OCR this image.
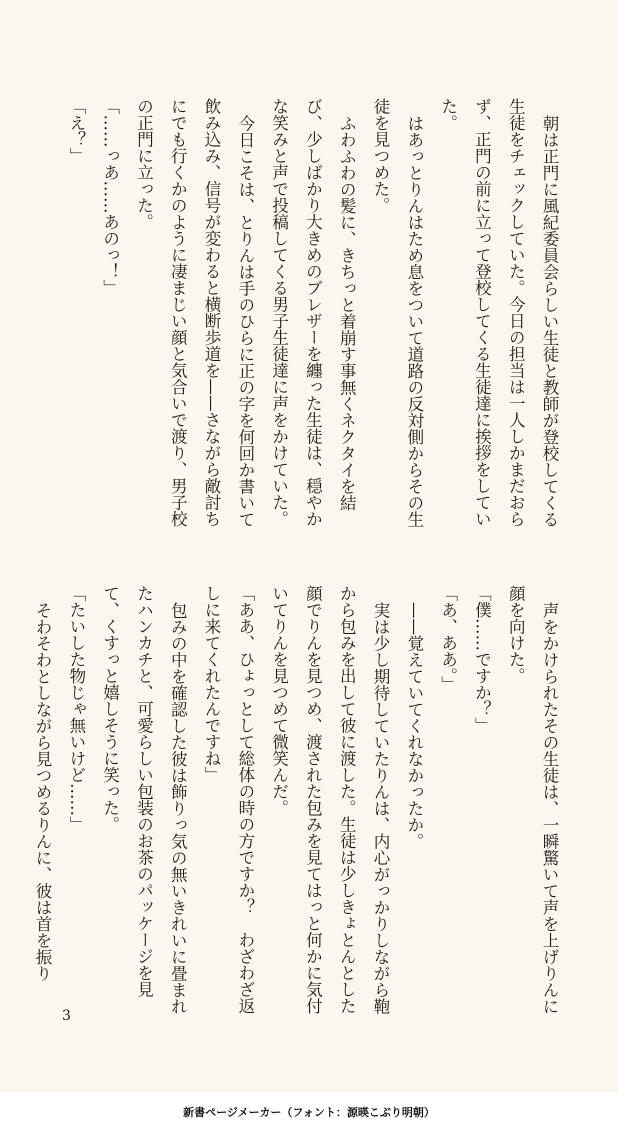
朝は正門に風紀委員会らしい生徒と教師が登校してくる生徒をチェックしていた。今日の担当は一人しかまだおらず、正門の前に立って登校してくる生徒達に挨拶をしていた。

はあっとりんはため息をついて道路の反対側からその生徒を見つめた。

ふわふわの髪に、きちっと着崩す事無くネクタイを結び、少しばかり大きめのブレザーを纏った生徒は、穏やかな笑みと声で投稿してくる男子生徒達に声をかけていた。

今日こそは、とりんは手のひらに正の字を何回か書いて飲み込み、信号が変わると横断歩道を——さながら敵討ちにでも行くかのように凄まじい顔と気合いで渡り、男子校の正門に立った。

「……っあ……あのっ！」

「え？」

声をかけられたその生徒は、一瞬驚いて声を上げりんに顔を向けた。

「僕……ですか？」

「あ、ああ。」

——覚えていてくれなかったか。

実は少し期待していたりんは、内心がっかりしながら鞄から包みを出して彼に渡した。生徒は少しきょとんとした顔でりんを見つめ、渡された包みを見てはっと何かに気付いてりんを見つめて微笑んだ。

「ああ、ひょっとして総体の時の方ですか？　わざわざ返しに来てくれたんですね」

包みの中を確認した彼は飾りっ気の無いきれいに畳まれたハンカチと、可愛らしい包装のお茶のパッケージを見て、くすっと嬉しそうに笑った。

「たいした物じゃ無いけど……」

そわそわとしながら見つめるりんに、彼は首を振り

3
新書ページメーカー（フォント：源暎こぶり明朝）
